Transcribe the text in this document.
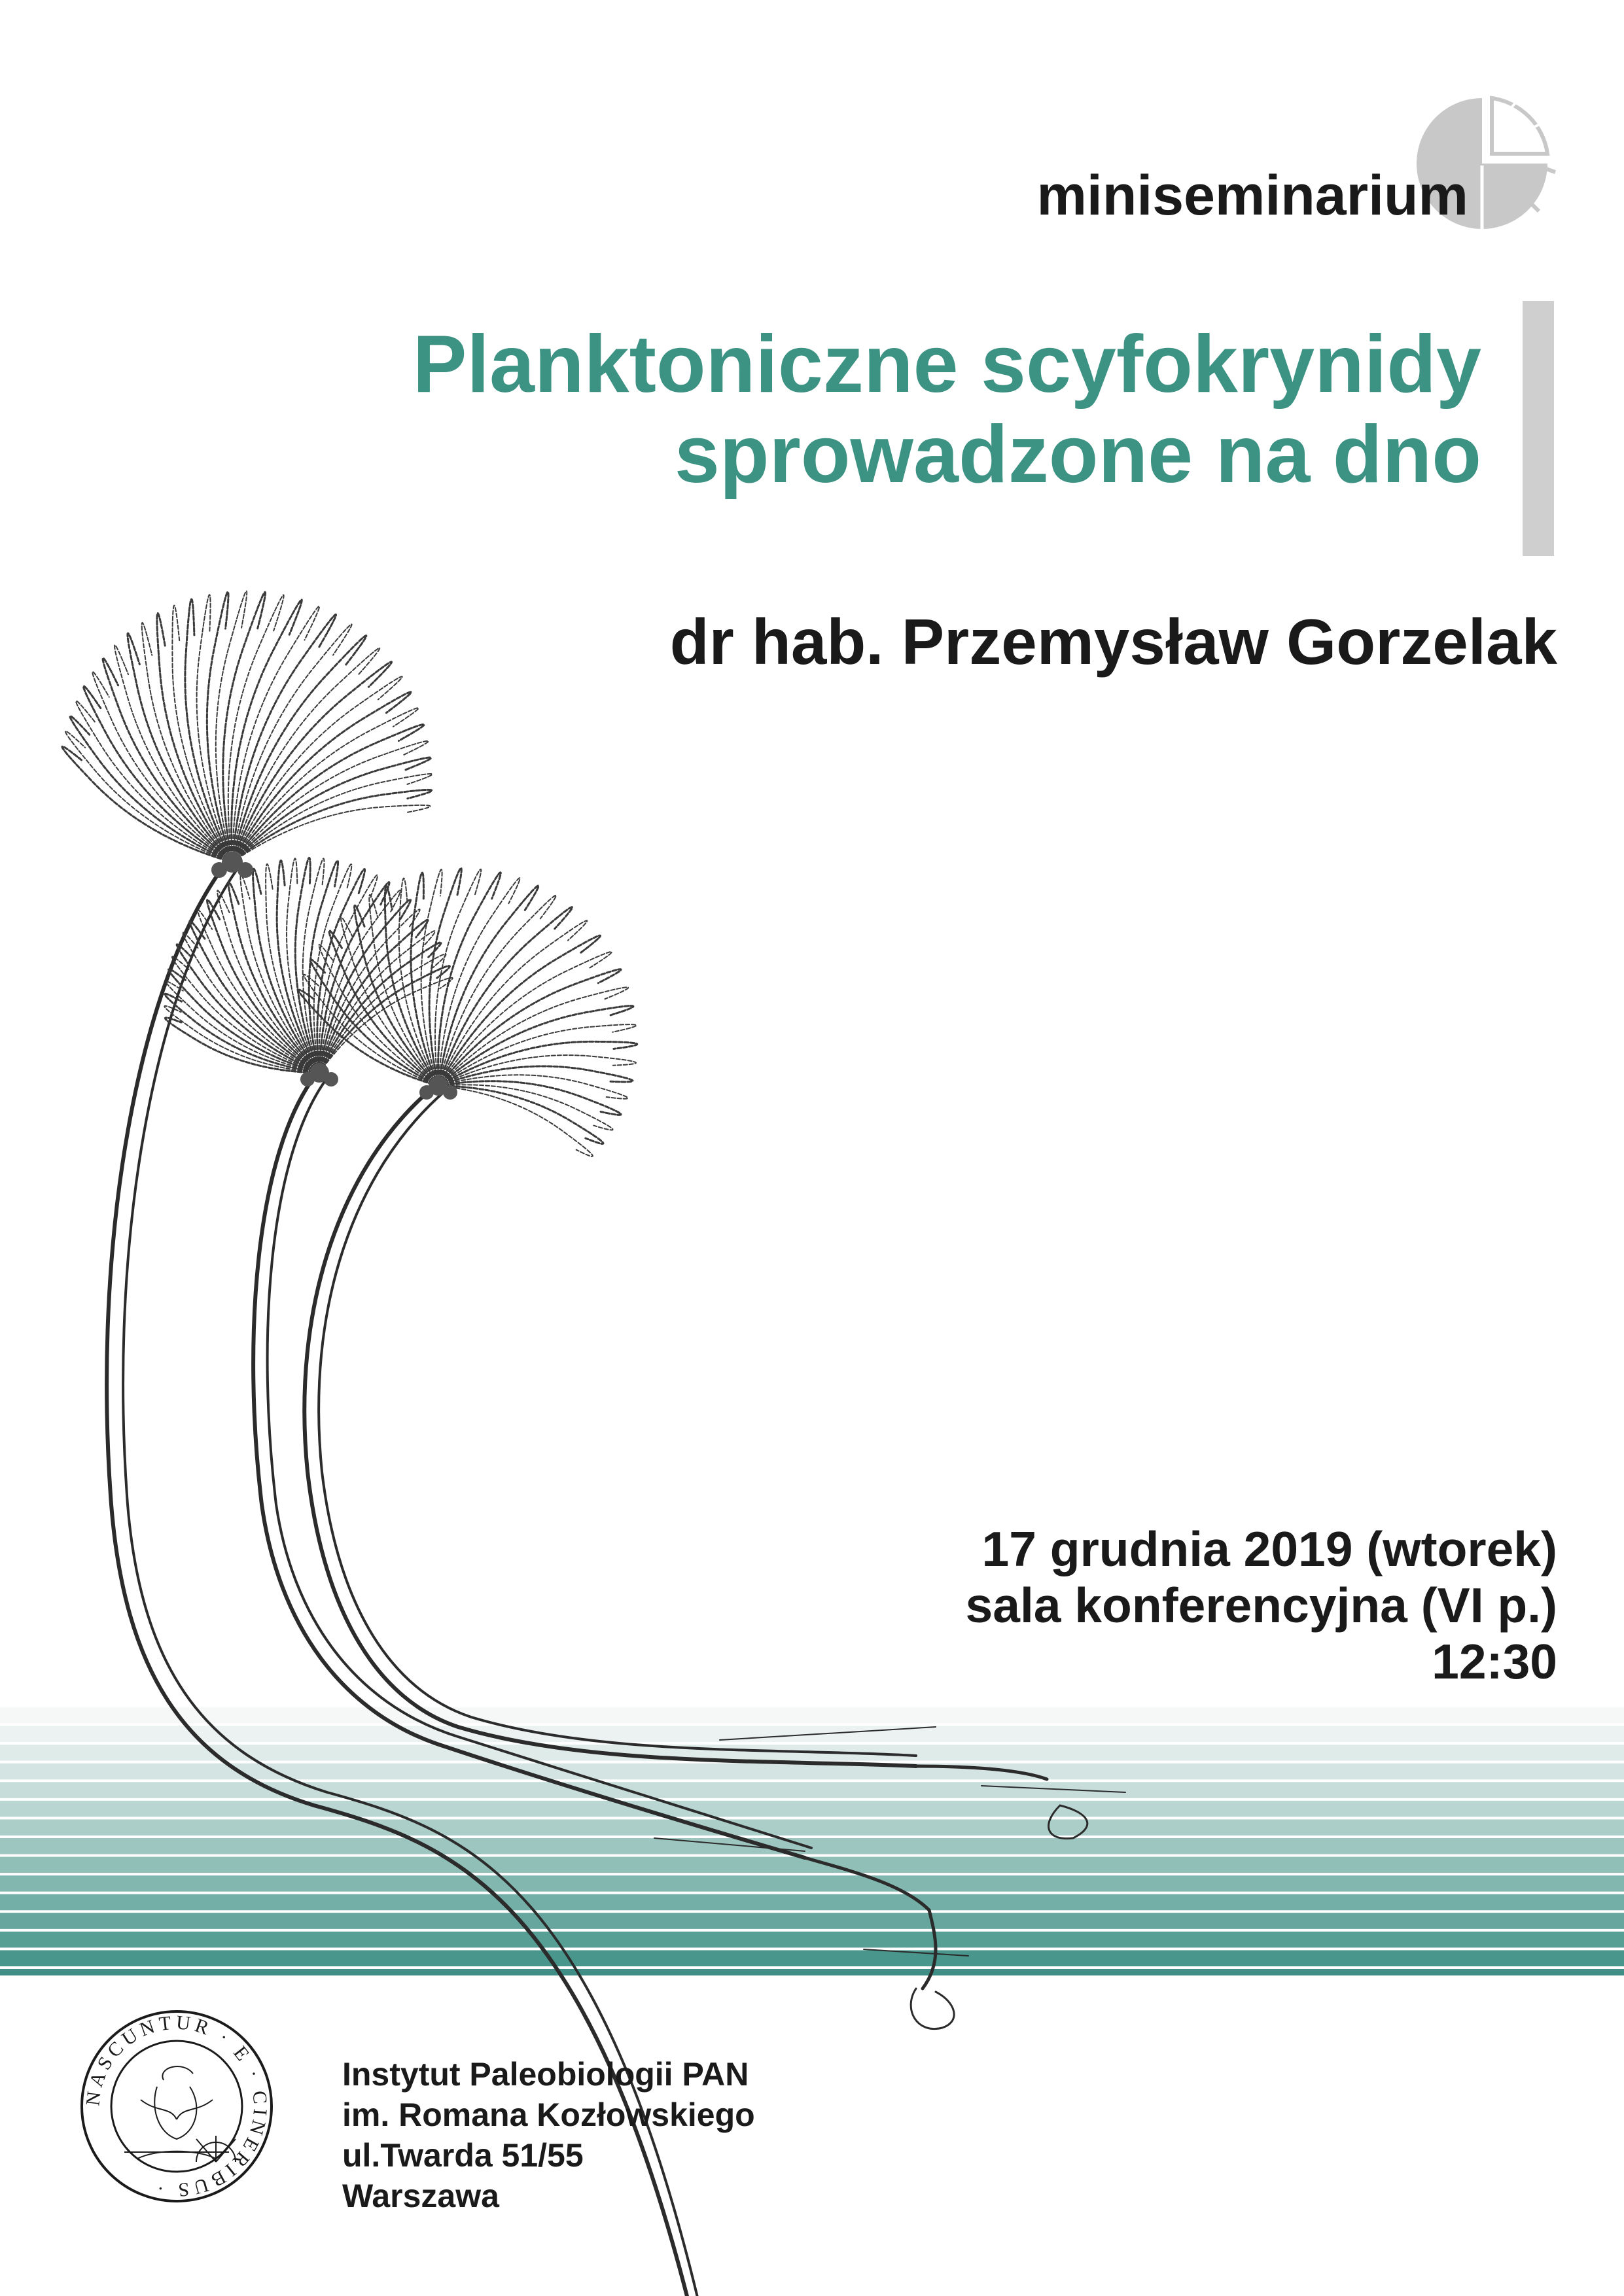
miniseminarium
Planktoniczne scyfokrynidy
sprowadzone na dno
dr hab. Przemysław Gorzelak
17 grudnia 2019 (wtorek)
sala konferencyjna (VI p.)
12:30
NASCUNTUR · E · CINERIBUS ·
Instytut Paleobiologii PAN
im. Romana Kozłowskiego
ul.Twarda 51/55
Warszawa
